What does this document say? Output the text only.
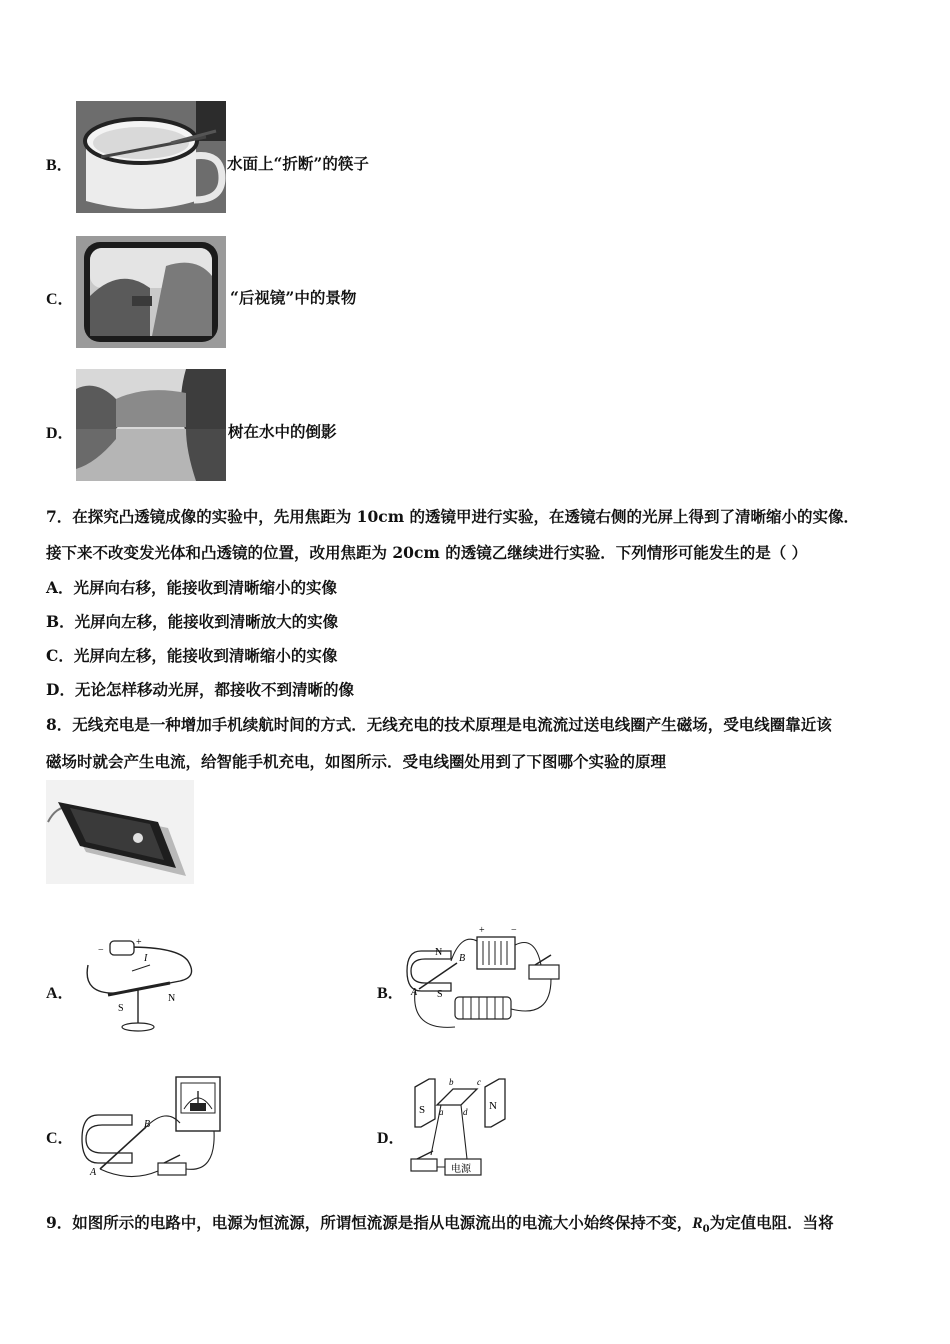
B．	水面上“折断”的筷子
C．	“后视镜”中的景物
D．	树在水中的倒影
7．在探究凸透镜成像的实验中，先用焦距为 10cm 的透镜甲进行实验，在透镜右侧的光屏上得到了清晰缩小的实像．
接下来不改变发光体和凸透镜的位置，改用焦距为 20cm 的透镜乙继续进行实验．下列情形可能发生的是（ ）
A．光屏向右移，能接收到清晰缩小的实像
B．光屏向左移，能接收到清晰放大的实像
C．光屏向左移，能接收到清晰缩小的实像
D．无论怎样移动光屏，都接收不到清晰的像
8．无线充电是一种增加手机续航时间的方式．无线充电的技术原理是电流流过送电线圈产生磁场，受电线圈靠近该
磁场时就会产生电流，给智能手机充电，如图所示．受电线圈处用到了下图哪个实验的原理
A．
−
+
I
S
N	B．
N
S
A
B
+	−
C．
A
B
D．
S	N
a
b	c
d
电源
9．如图所示的电路中，电源为恒流源，所谓恒流源是指从电源流出的电流大小始终保持不变，$R_0$为定值电阻．当将
